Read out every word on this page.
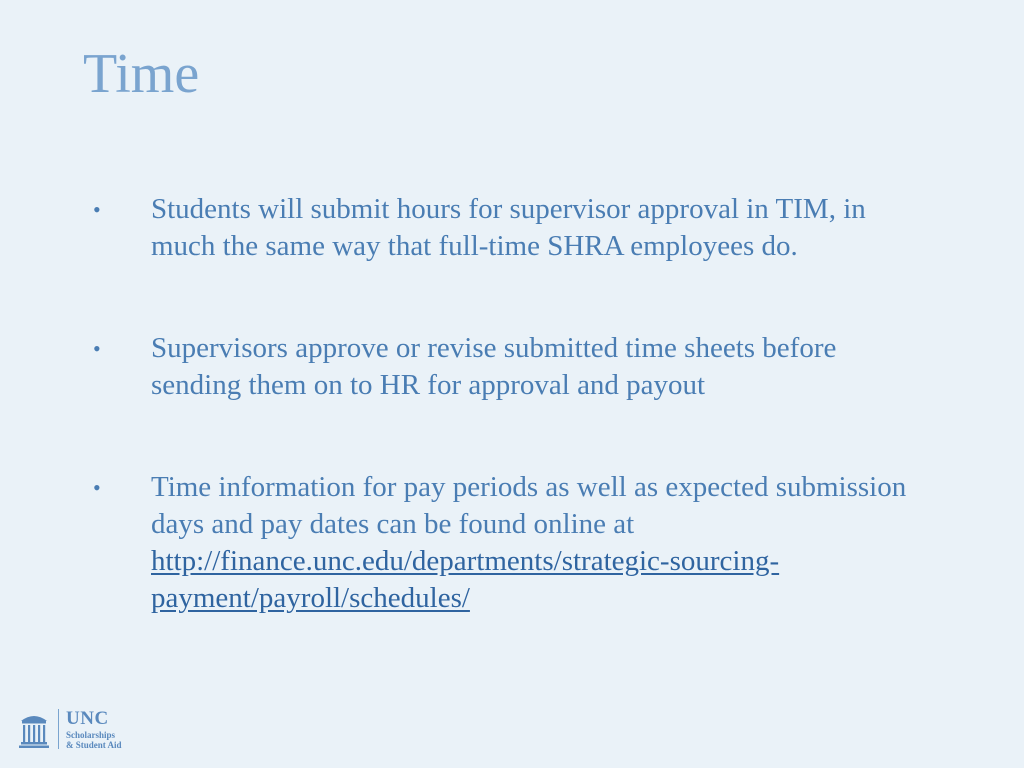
Time
• Students will submit hours for supervisor approval in TIM, in much the same way that full-time SHRA employees do.
• Supervisors approve or revise submitted time sheets before sending them on to HR for approval and payout
• Time information for pay periods as well as expected submission days and pay dates can be found online at http://finance.unc.edu/departments/strategic-sourcing-payment/payroll/schedules/
UNC
Scholarships
& Student Aid
